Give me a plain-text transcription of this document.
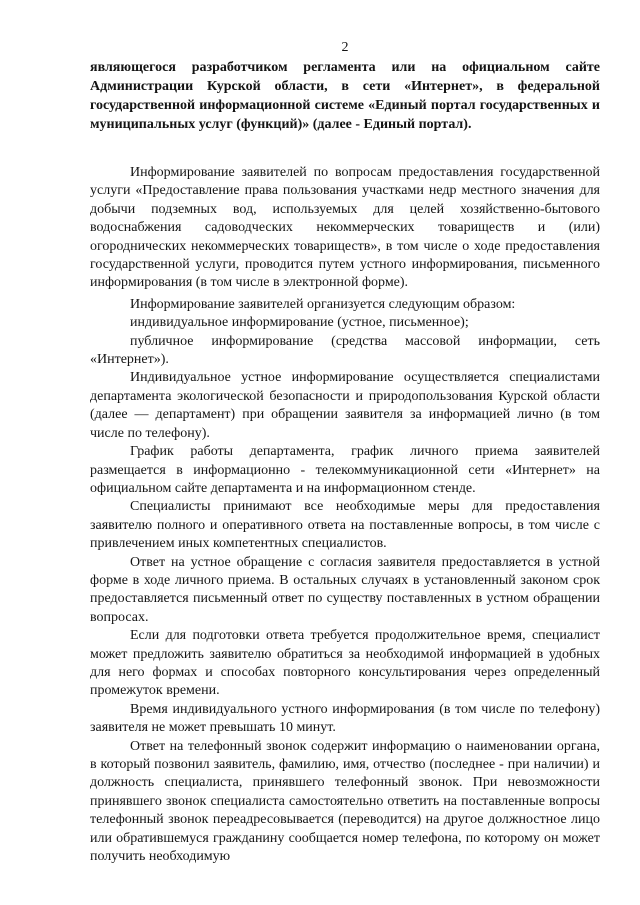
2

являющегося разработчиком регламента или на официальном сайте Администрации Курской области, в сети «Интернет», в федеральной государственной информационной системе «Единый портал государственных и муниципальных услуг (функций)» (далее - Единый портал).

Информирование заявителей по вопросам предоставления государственной услуги «Предоставление права пользования участками недр местного значения для добычи подземных вод, используемых для целей хозяйственно-бытового водоснабжения садоводческих некоммерческих товариществ и (или) огороднических некоммерческих товариществ», в том числе о ходе предоставления государственной услуги, проводится путем устного информирования, письменного информирования (в том числе в электронной форме).

Информирование заявителей организуется следующим образом:

индивидуальное информирование (устное, письменное);

публичное информирование (средства массовой информации, сеть «Интернет»).

Индивидуальное устное информирование осуществляется специалистами департамента экологической безопасности и природопользования Курской области (далее — департамент) при обращении заявителя за информацией лично (в том числе по телефону).

График работы департамента, график личного приема заявителей размещается в информационно - телекоммуникационной сети «Интернет» на официальном сайте департамента и на информационном стенде.

Специалисты принимают все необходимые меры для предоставления заявителю полного и оперативного ответа на поставленные вопросы, в том числе с привлечением иных компетентных специалистов.

Ответ на устное обращение с согласия заявителя предоставляется в устной форме в ходе личного приема. В остальных случаях в установленный законом срок предоставляется письменный ответ по существу поставленных в устном обращении вопросах.

Если для подготовки ответа требуется продолжительное время, специалист может предложить заявителю обратиться за необходимой информацией в удобных для него формах и способах повторного консультирования через определенный промежуток времени.

Время индивидуального устного информирования (в том числе по телефону) заявителя не может превышать 10 минут.

Ответ на телефонный звонок содержит информацию о наименовании органа, в который позвонил заявитель, фамилию, имя, отчество (последнее - при наличии) и должность специалиста, принявшего телефонный звонок. При невозможности принявшего звонок специалиста самостоятельно ответить на поставленные вопросы телефонный звонок переадресовывается (переводится) на другое должностное лицо или обратившемуся гражданину сообщается номер телефона, по которому он может получить необходимую
